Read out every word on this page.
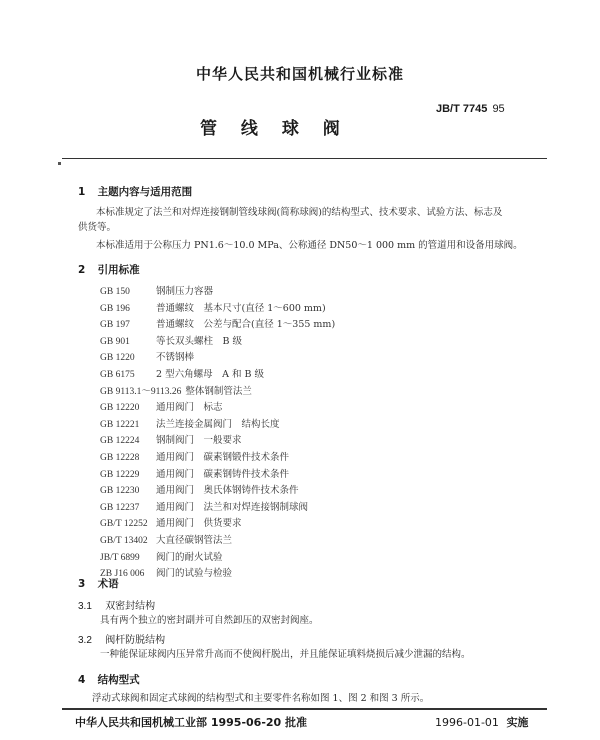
中华人民共和国机械行业标准
JB/T 7745 95
管 线 球 阀
1 主题内容与适用范围
本标准规定了法兰和对焊连接钢制管线球阀(简称球阀)的结构型式、技术要求、试验方法、标志及
供货等。
本标准适用于公称压力 PN1.6～10.0 MPa、公称通径 DN50～1 000 mm 的管道用和设备用球阀。
2 引用标准
GB 150	钢制压力容器
GB 196	普通螺纹　基本尺寸(直径 1～600 mm)
GB 197	普通螺纹　公差与配合(直径 1～355 mm)
GB 901	等长双头螺柱　B 级
GB 1220 不锈钢棒
GB 6175 2 型六角螺母　A 和 B 级
GB 9113.1～9113.26 整体钢制管法兰
GB 12220 通用阀门　标志
GB 12221 法兰连接金属阀门　结构长度
GB 12224 钢制阀门　一般要求
GB 12228 通用阀门　碳素钢锻件技术条件
GB 12229 通用阀门　碳素钢铸件技术条件
GB 12230 通用阀门　奥氏体钢铸件技术条件
GB 12237 通用阀门　法兰和对焊连接钢制球阀
GB/T 12252 通用阀门　供货要求
GB/T 13402 大直径碳钢管法兰
JB/T 6899 阀门的耐火试验
ZB J16 006 阀门的试验与检验
3 术语
3.1 双密封结构
具有两个独立的密封副并可自然卸压的双密封阀座。
3.2 阀杆防脱结构
一种能保证球阀内压异常升高而不使阀杆脱出，并且能保证填料烧损后减少泄漏的结构。
4 结构型式
浮动式球阀和固定式球阀的结构型式和主要零件名称如图 1、图 2 和图 3 所示。
中华人民共和国机械工业部 1995-06-20 批准	1996-01-01 实施
